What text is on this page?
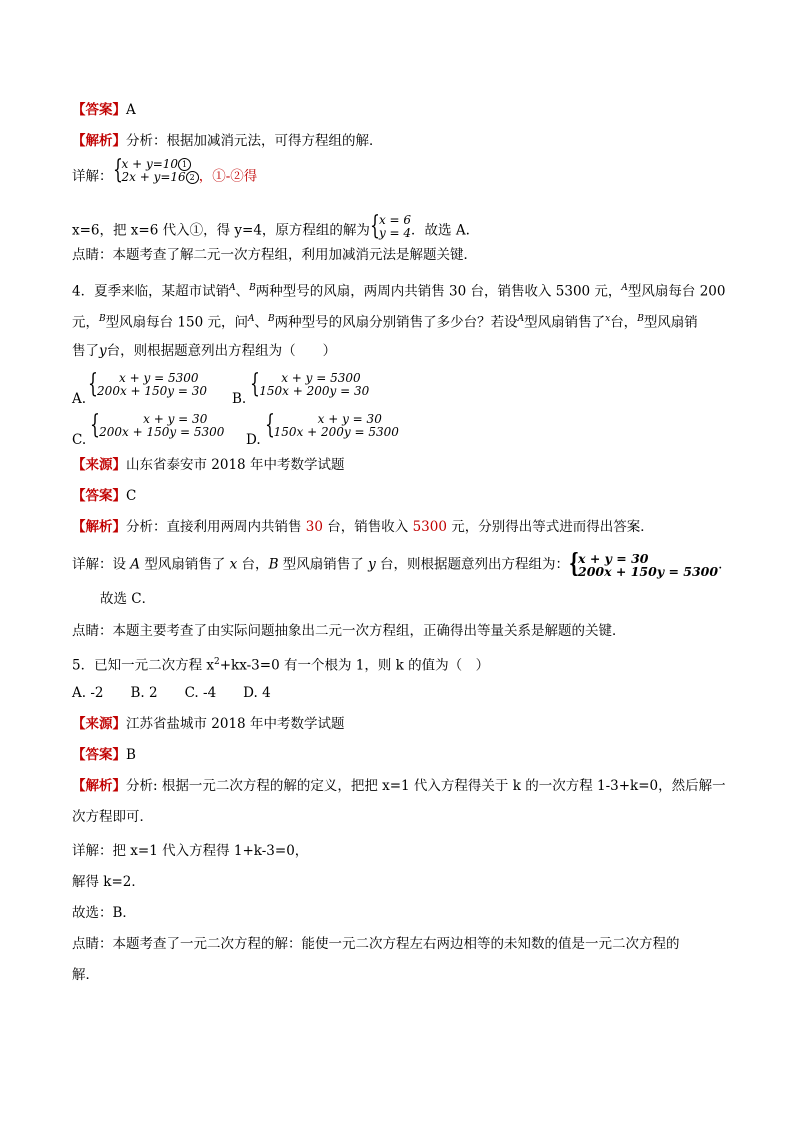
【答案】A
【解析】分析：根据加减消元法，可得方程组的解．
详解： { x + y=10 1
2x + y=16 2 ，①-②得
x=6，把 x=6 代入①，得 y=4，原方程组的解为 { x = 6
y = 4 ．故选 A.
点睛：本题考查了解二元一次方程组，利用加减消元法是解题关键．
4．夏季来临，某超市试销$^A$、$^B$两种型号的风扇，两周内共销售 30 台，销售收入 5300 元，$^A$型风扇每台 200
元，$^B$型风扇每台 150 元，问$^A$、$^B$两种型号的风扇分别销售了多少台？若设$^A$型风扇销售了$^x$台，$^B$型风扇销
售了y台，则根据题意列出方程组为（　　）
A. {	x + y = 5300
200x + 150y = 30 B. {	x + y = 5300
150x + 200y = 30
C. {	x + y = 30
200x + 150y = 5300 D. {	x + y = 30
150x + 200y = 5300
【来源】山东省泰安市 2018 年中考数学试题
【答案】C
【解析】分析：直接利用两周内共销售 30 台，销售收入 5300 元，分别得出等式进而得出答案．
详解：设 A 型风扇销售了 x 台，B 型风扇销售了 y 台，则根据题意列出方程组为： {
x + y = 30
200x + 150y = 5300 .
故选 C．
点睛：本题主要考查了由实际问题抽象出二元一次方程组，正确得出等量关系是解题的关键．
5．已知一元二次方程 $x^2+kx-3=0$ 有一个根为 1，则 k 的值为（　）
A. -2　　B. 2　　C. -4　　D. 4
【来源】江苏省盐城市 2018 年中考数学试题
【答案】B
【解析】分析: 根据一元二次方程的解的定义，把把 x=1 代入方程得关于 k 的一次方程 1-3+k=0，然后解一
次方程即可．
详解：把 x=1 代入方程得 1+k-3=0，
解得 k=2．
故选：B．
点睛：本题考查了一元二次方程的解：能使一元二次方程左右两边相等的未知数的值是一元二次方程的
解．
